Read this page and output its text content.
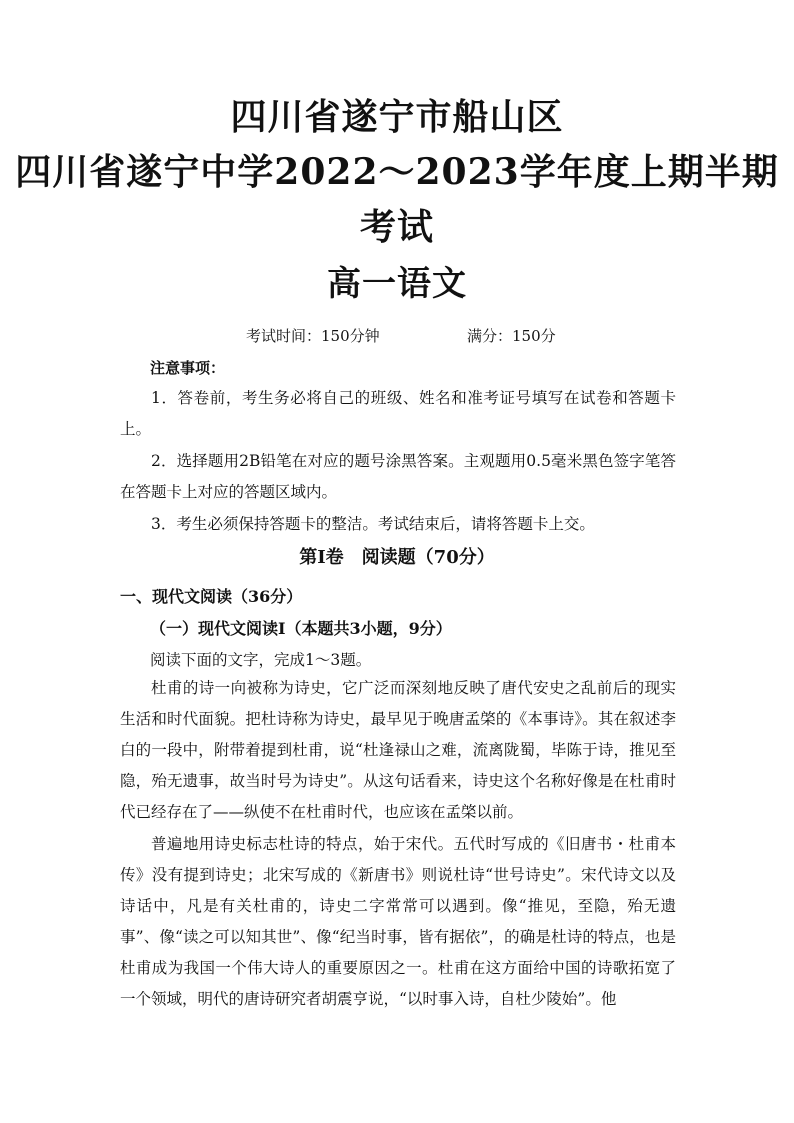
四川省遂宁市船山区
四川省遂宁中学2022～2023学年度上期半期
考试
高一语文
考试时间：150分钟	满分：150分
注意事项：

1．答卷前，考生务必将自己的班级、姓名和准考证号填写在试卷和答题卡上。

2．选择题用2B铅笔在对应的题号涂黑答案。主观题用0.5毫米黑色签字笔答在答题卡上对应的答题区域内。

3．考生必须保持答题卡的整洁。考试结束后，请将答题卡上交。

第Ⅰ卷　阅读题（70分）
一、现代文阅读（36分）
（一）现代文阅读Ⅰ（本题共3小题，9分）
阅读下面的文字，完成1～3题。

杜甫的诗一向被称为诗史，它广泛而深刻地反映了唐代安史之乱前后的现实生活和时代面貌。把杜诗称为诗史，最早见于晚唐孟棨的《本事诗》。其在叙述李白的一段中，附带着提到杜甫，说“杜逢禄山之难，流离陇蜀，毕陈于诗，推见至隐，殆无遗事，故当时号为诗史”。从这句话看来，诗史这个名称好像是在杜甫时代已经存在了——纵使不在杜甫时代，也应该在孟棨以前。

普遍地用诗史标志杜诗的特点，始于宋代。五代时写成的《旧唐书・杜甫本传》没有提到诗史；北宋写成的《新唐书》则说杜诗“世号诗史”。宋代诗文以及诗话中，凡是有关杜甫的，诗史二字常常可以遇到。像“推见，至隐，殆无遗事”、像“读之可以知其世”、像“纪当时事，皆有据依”，的确是杜诗的特点，也是杜甫成为我国一个伟大诗人的重要原因之一。杜甫在这方面给中国的诗歌拓宽了一个领域，明代的唐诗研究者胡震亨说，“以时事入诗，自杜少陵始”。他
